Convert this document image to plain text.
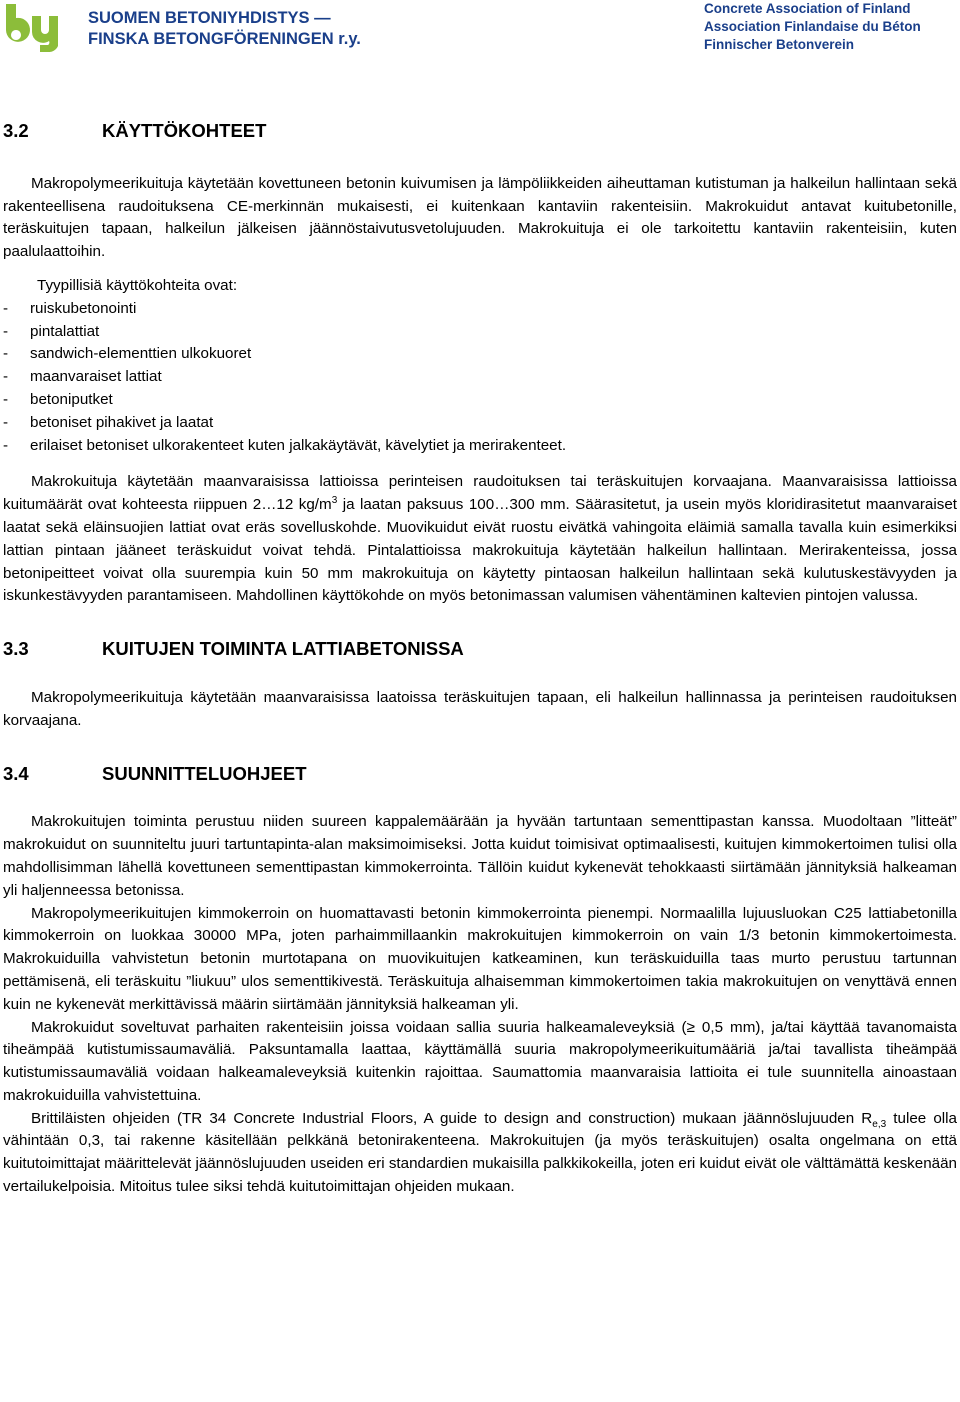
SUOMEN BETONIYHDISTYS —
FINSKA BETONGFÖRENINGEN r.y.
Concrete Association of Finland
Association Finlandaise du Béton
Finnischer Betonverein
3.2	KÄYTTÖKOHTEET

Makropolymeerikuituja käytetään kovettuneen betonin kuivumisen ja lämpöliikkeiden aiheuttaman kutistuman ja halkeilun hallintaan sekä rakenteellisena raudoituksena CE-merkinnän mukaisesti, ei kuitenkaan kantaviin rakenteisiin. Makrokuidut antavat kuitubetonille, teräskuitujen tapaan, halkeilun jälkeisen jäännöstaivutusvetolujuuden. Makrokuituja ei ole tarkoitettu kantaviin rakenteisiin, kuten paalulaattoihin.

Tyypillisiä käyttökohteita ovat:

-	ruiskubetonointi
-	pintalattiat
-	sandwich-elementtien ulkokuoret
-	maanvaraiset lattiat
-	betoniputket
-	betoniset pihakivet ja laatat
-	erilaiset betoniset ulkorakenteet kuten jalkakäytävät, kävelytiet ja merirakenteet.

Makrokuituja käytetään maanvaraisissa lattioissa perinteisen raudoituksen tai teräskuitujen korvaajana. Maanvaraisissa lattioissa kuitumäärät ovat kohteesta riippuen 2…12 $kg/m^3$ ja laatan paksuus 100…300 mm. Säärasitetut, ja usein myös kloridirasitetut maanvaraiset laatat sekä eläinsuojien lattiat ovat eräs sovelluskohde. Muovikuidut eivät ruostu eivätkä vahingoita eläimiä samalla tavalla kuin esimerkiksi lattian pintaan jääneet teräskuidut voivat tehdä. Pintalattioissa makrokuituja käytetään halkeilun hallintaan. Merirakenteissa, jossa betonipeitteet voivat olla suurempia kuin 50 mm makrokuituja on käytetty pintaosan halkeilun hallintaan sekä kulutuskestävyyden ja iskunkestävyyden parantamiseen. Mahdollinen käyttökohde on myös betonimassan valumisen vähentäminen kaltevien pintojen valussa.

3.3	KUITUJEN TOIMINTA LATTIABETONISSA

Makropolymeerikuituja käytetään maanvaraisissa laatoissa teräskuitujen tapaan, eli halkeilun hallinnassa ja perinteisen raudoituksen korvaajana.

3.4	SUUNNITTELUOHJEET

Makrokuitujen toiminta perustuu niiden suureen kappalemäärään ja hyvään tartuntaan sementtipastan kanssa. Muodoltaan ”litteät” makrokuidut on suunniteltu juuri tartuntapinta-alan maksimoimiseksi. Jotta kuidut toimisivat optimaalisesti, kuitujen kimmokertoimen tulisi olla mahdollisimman lähellä kovettuneen sementtipastan kimmokerrointa. Tällöin kuidut kykenevät tehokkaasti siirtämään jännityksiä halkeaman yli haljenneessa betonissa.

Makropolymeerikuitujen kimmokerroin on huomattavasti betonin kimmokerrointa pienempi. Normaalilla lujuusluokan C25 lattiabetonilla kimmokerroin on luokkaa 30000 MPa, joten parhaimmillaankin makrokuitujen kimmokerroin on vain 1/3 betonin kimmokertoimesta. Makrokuiduilla vahvistetun betonin murtotapana on muovikuitujen katkeaminen, kun teräskuiduilla taas murto perustuu tartunnan pettämisenä, eli teräskuitu ”liukuu” ulos sementtikivestä. Teräskuituja alhaisemman kimmokertoimen takia makrokuitujen on venyttävä ennen kuin ne kykenevät merkittävissä määrin siirtämään jännityksiä halkeaman yli.

Makrokuidut soveltuvat parhaiten rakenteisiin joissa voidaan sallia suuria halkeamaleveyksiä (≥ 0,5 mm), ja/tai käyttää tavanomaista tiheämpää kutistumissaumaväliä. Paksuntamalla laattaa, käyttämällä suuria makropolymeerikuitumääriä ja/tai tavallista tiheämpää kutistumissaumaväliä voidaan halkeamaleveyksiä kuitenkin rajoittaa. Saumattomia maanvaraisia lattioita ei tule suunnitella ainoastaan makrokuiduilla vahvistettuina.

Brittiläisten ohjeiden (TR 34 Concrete Industrial Floors, A guide to design and construction) mukaan jäännöslujuuden $R_{e,3}$ tulee olla vähintään 0,3, tai rakenne käsitellään pelkkänä betonirakenteena. Makrokuitujen (ja myös teräskuitujen) osalta ongelmana on että kuitutoimittajat määrittelevät jäännöslujuuden useiden eri standardien mukaisilla palkkikokeilla, joten eri kuidut eivät ole välttämättä keskenään vertailukelpoisia. Mitoitus tulee siksi tehdä kuitutoimittajan ohjeiden mukaan.
